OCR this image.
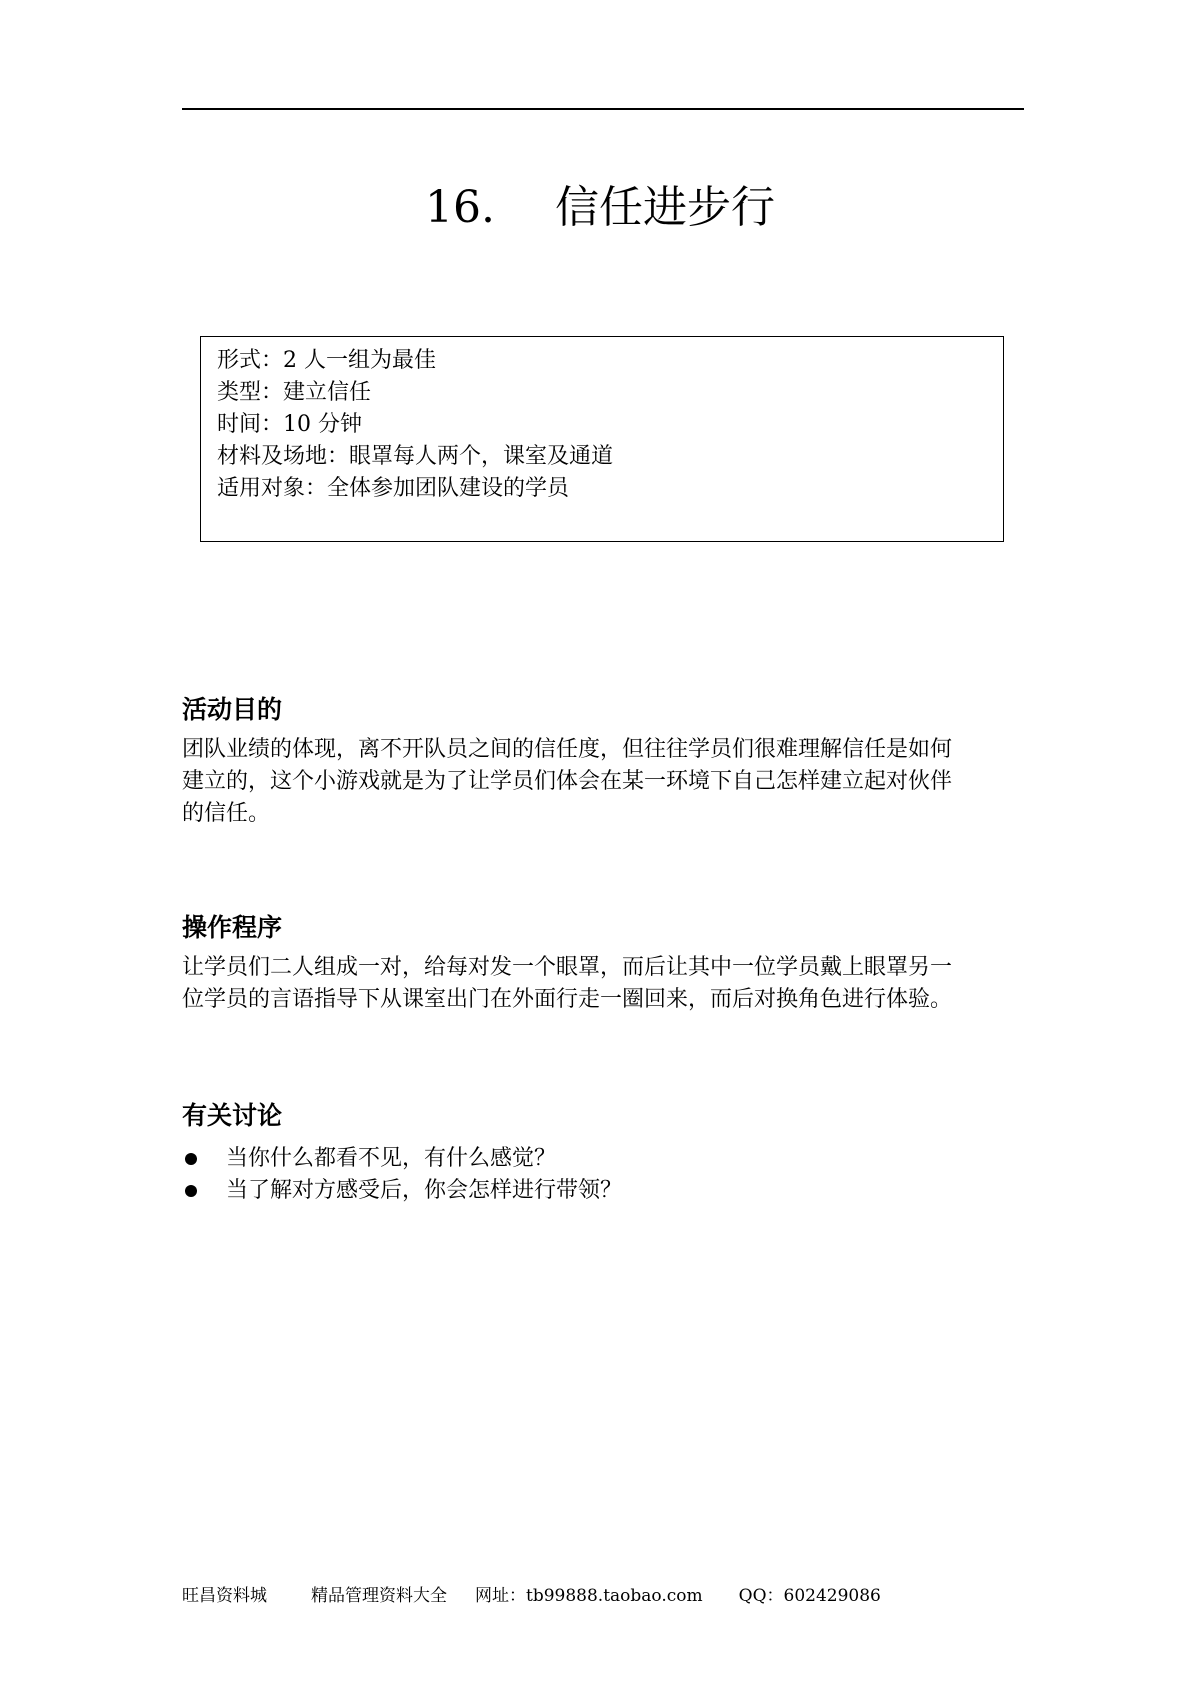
16. 信任进步行
形式：2 人一组为最佳
类型：建立信任
时间：10 分钟
材料及场地：眼罩每人两个，课室及通道
适用对象：全体参加团队建设的学员
活动目的

团队业绩的体现，离不开队员之间的信任度，但往往学员们很难理解信任是如何

建立的，这个小游戏就是为了让学员们体会在某一环境下自己怎样建立起对伙伴

的信任。

操作程序

让学员们二人组成一对，给每对发一个眼罩，而后让其中一位学员戴上眼罩另一

位学员的言语指导下从课室出门在外面行走一圈回来，而后对换角色进行体验。

有关讨论
当你什么都看不见，有什么感觉？
当了解对方感受后，你会怎样进行带领？
旺昌资料城	精品管理资料大全 网址：tb99888.taobao.com QQ：602429086
